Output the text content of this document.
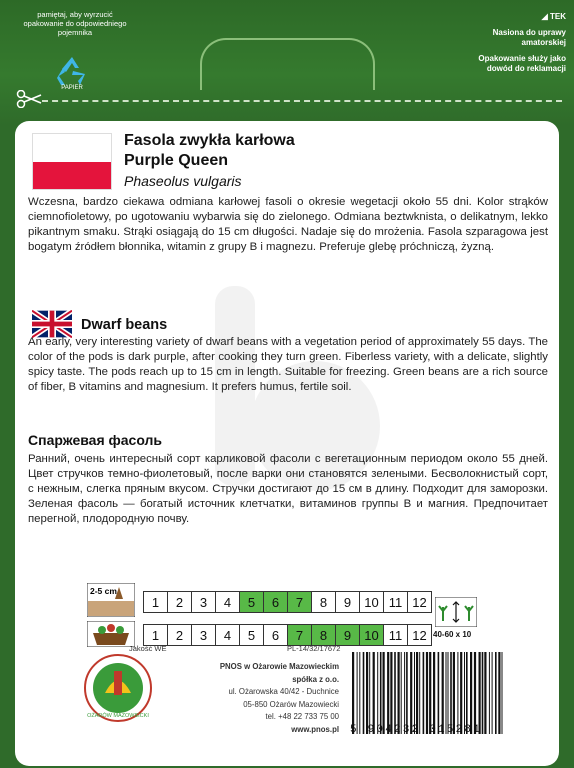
pamiętaj, aby wyrzucić opakowanie do odpowiedniego pojemnika
PAPIER

◢ TEK

Nasiona do uprawy amatorskiej

Opakowanie służy jako dowód do reklamacji

Fasola zwykła karłowa
Purple Queen
Phaseolus vulgaris

Wczesna, bardzo ciekawa odmiana karłowej fasoli o okresie wegetacji około 55 dni. Kolor strąków ciemnofioletowy, po ugotowaniu wybarwia się do zielonego. Odmiana beztwknista, o delikatnym, lekko pikantnym smaku. Strąki osiągają do 15 cm długości. Nadaje się do mrożenia. Fasola szparagowa jest bogatym źródłem błonnika, witamin z grupy B i magnezu. Preferuje glebę próchniczą, żyzną.

Dwarf beans

An early, very interesting variety of dwarf beans with a vegetation period of approximately 55 days. The color of the pods is dark purple, after cooking they turn green. Fiberless variety, with a delicate, slightly spicy taste. The pods reach up to 15 cm in length. Suitable for freezing. Green beans are a rich source of fiber, B vitamins and magnesium. It prefers humus, fertile soil.

Спаржевая фасоль

Ранний, очень интересный сорт карликовой фасоли с вегетационным периодом около 55 дней. Цвет стручков темно-фиолетовый, после варки они становятся зелеными. Бесволокнистый сорт, с нежным, слегка пряным вкусом. Стручки достигают до 15 см в длину. Подходит для заморозки. Зеленая фасоль — богатый источник клетчатки, витаминов группы В и магния. Предпочитает перегной, плодородную почву.

2-5 cm
1	2	3	4	5	6	7	8	9	10	11	12
1	2	3	4	5	6	7	8	9	10	11	12 40-60 x 10
OŻARÓW MAZOWIECKI
Jakość WE	PL-14/32/17672
PNOS w Ożarowie Mazowieckim spółka z o.o.
ul. Ożarowska 40/42 - Duchnice
05-850 Ożarów Mazowiecki
tel. +48 22 733 75 00
www.pnos.pl 5 904232 015281
